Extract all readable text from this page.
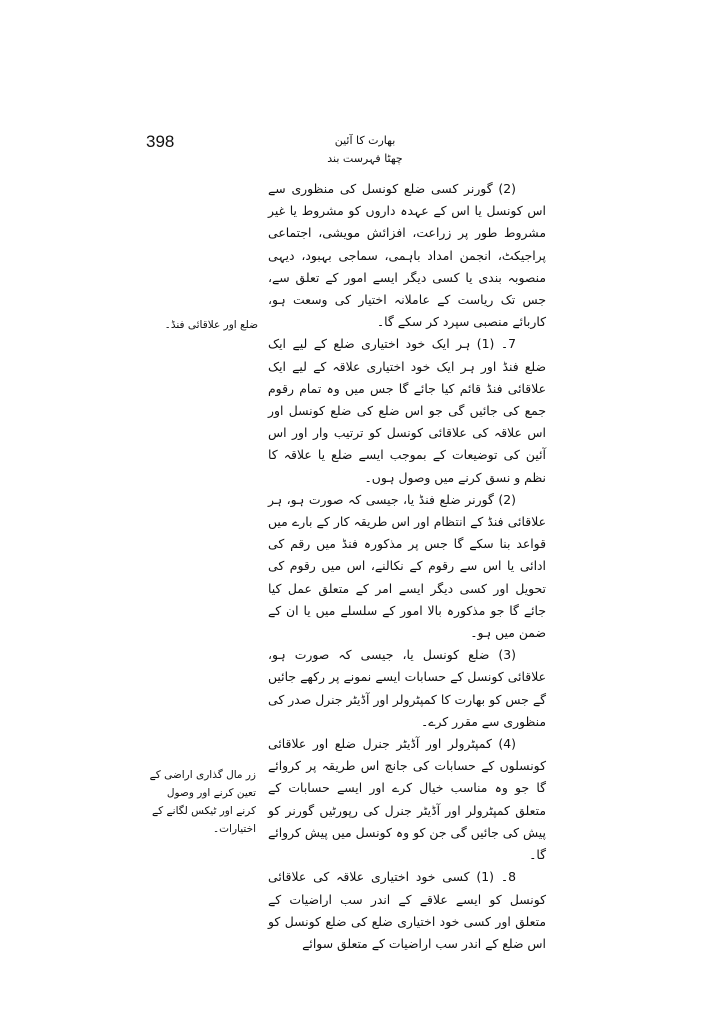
398	بھارت کا آئین
چھٹا فہرست بند

(2) گورنر کسی ضلع کونسل کی منظوری سے اس کونسل یا اس کے عہدہ داروں کو مشروط یا غیر مشروط طور پر زراعت، افزائش مویشی، اجتماعی پراجیکٹ، انجمن امداد باہمی، سماجی بہبود، دیہی منصوبہ بندی یا کسی دیگر ایسے امور کے تعلق سے، جس تک ریاست کے عاملانہ اختیار کی وسعت ہو، کاربائے منصبی سپرد کر سکے گا۔

7۔ (1) ہر ایک خود اختیاری ضلع کے لیے ایک ضلع فنڈ اور ہر ایک خود اختیاری علاقہ کے لیے ایک علاقائی فنڈ قائم کیا جائے گا جس میں وہ تمام رقوم جمع کی جائیں گی جو اس ضلع کی ضلع کونسل اور اس علاقہ کی علاقائی کونسل کو ترتیب وار اور اس آئین کی توضیعات کے بموجب ایسے ضلع یا علاقہ کا نظم و نسق کرنے میں وصول ہوں۔

(2) گورنر ضلع فنڈ یا، جیسی کہ صورت ہو، ہر علاقائی فنڈ کے انتظام اور اس طریقہ کار کے بارے میں قواعد بنا سکے گا جس پر مذکورہ فنڈ میں رقم کی ادائی یا اس سے رقوم کے نکالنے، اس میں رقوم کی تحویل اور کسی دیگر ایسے امر کے متعلق عمل کیا جائے گا جو مذکورہ بالا امور کے سلسلے میں یا ان کے ضمن میں ہو۔

(3) ضلع کونسل یا، جیسی کہ صورت ہو، علاقائی کونسل کے حسابات ایسے نمونے پر رکھے جائیں گے جس کو بھارت کا کمپٹرولر اور آڈیٹر جنرل صدر کی منظوری سے مقرر کرے۔

(4) کمپٹرولر اور آڈیٹر جنرل ضلع اور علاقائی کونسلوں کے حسابات کی جانچ اس طریقہ پر کروائے گا جو وہ مناسب خیال کرے اور ایسے حسابات کے متعلق کمپٹرولر اور آڈیٹر جنرل کی رپورٹیں گورنر کو پیش کی جائیں گی جن کو وہ کونسل میں پیش کروائے گا۔

8۔ (1) کسی خود اختیاری علاقہ کی علاقائی کونسل کو ایسے علاقے کے اندر سب اراضیات کے متعلق اور کسی خود اختیاری ضلع کی ضلع کونسل کو اس ضلع کے اندر سب اراضیات کے متعلق سوائے

ضلع اور علاقائی فنڈ۔
زر مال گذاری اراضی کے تعین کرنے اور وصول کرنے اور ٹیکس لگانے کے اختیارات۔
